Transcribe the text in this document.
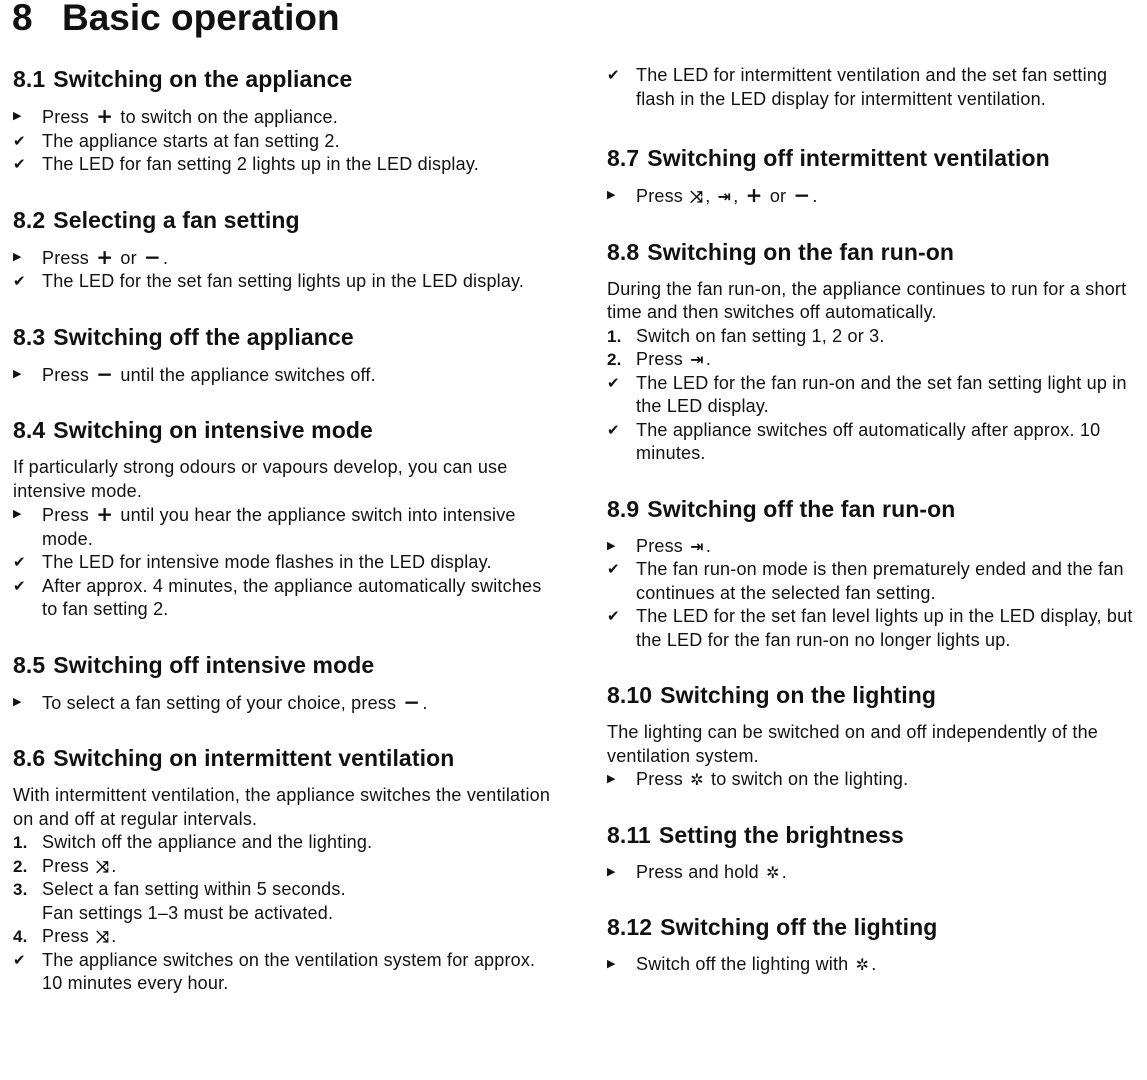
8 Basic operation
8.1 Switching on the appliance
▶	Press + to switch on the appliance.
✔ The appliance starts at fan setting 2.
✔ The LED for fan setting 2 lights up in the LED display.
8.2 Selecting a fan setting
▶	Press + or − .
✔ The LED for the set fan setting lights up in the LED display.
8.3 Switching off the appliance
▶	Press − until the appliance switches off.
8.4 Switching on intensive mode

If particularly strong odours or vapours develop, you can use intensive mode.

▶	Press + until you hear the appliance switch into intensive mode.
✔ The LED for intensive mode flashes in the LED display.
✔ After approx. 4 minutes, the appliance automatically switches to fan setting 2.
8.5 Switching off intensive mode
▶	To select a fan setting of your choice, press − .
8.6 Switching on intermittent ventilation

With intermittent ventilation, the appliance switches the ventilation on and off at regular intervals.

1. Switch off the appliance and the lighting.
2. Press ⤨ .
3. Select a fan setting within 5 seconds.
Fan settings 1–3 must be activated.
4. Press ⤨ .
✔ The appliance switches on the ventilation system for approx. 10 minutes every hour.
✔ The LED for intermittent ventilation and the set fan setting flash in the LED display for intermittent ventilation.
8.7 Switching off intermittent ventilation
▶	Press ⤨ , ⇥ , + or − .
8.8 Switching on the fan run-on

During the fan run-on, the appliance continues to run for a short time and then switches off automatically.

1. Switch on fan setting 1, 2 or 3.
2. Press ⇥ .
✔ The LED for the fan run-on and the set fan setting light up in the LED display.
✔ The appliance switches off automatically after approx. 10 minutes.
8.9 Switching off the fan run-on
▶	Press ⇥ .
✔ The fan run-on mode is then prematurely ended and the fan continues at the selected fan setting.
✔ The LED for the set fan level lights up in the LED display, but the LED for the fan run-on no longer lights up.
8.10 Switching on the lighting

The lighting can be switched on and off independently of the ventilation system.

▶	Press ✲ to switch on the lighting.
8.11 Setting the brightness
▶	Press and hold ✲ .
8.12 Switching off the lighting
▶	Switch off the lighting with ✲ .
